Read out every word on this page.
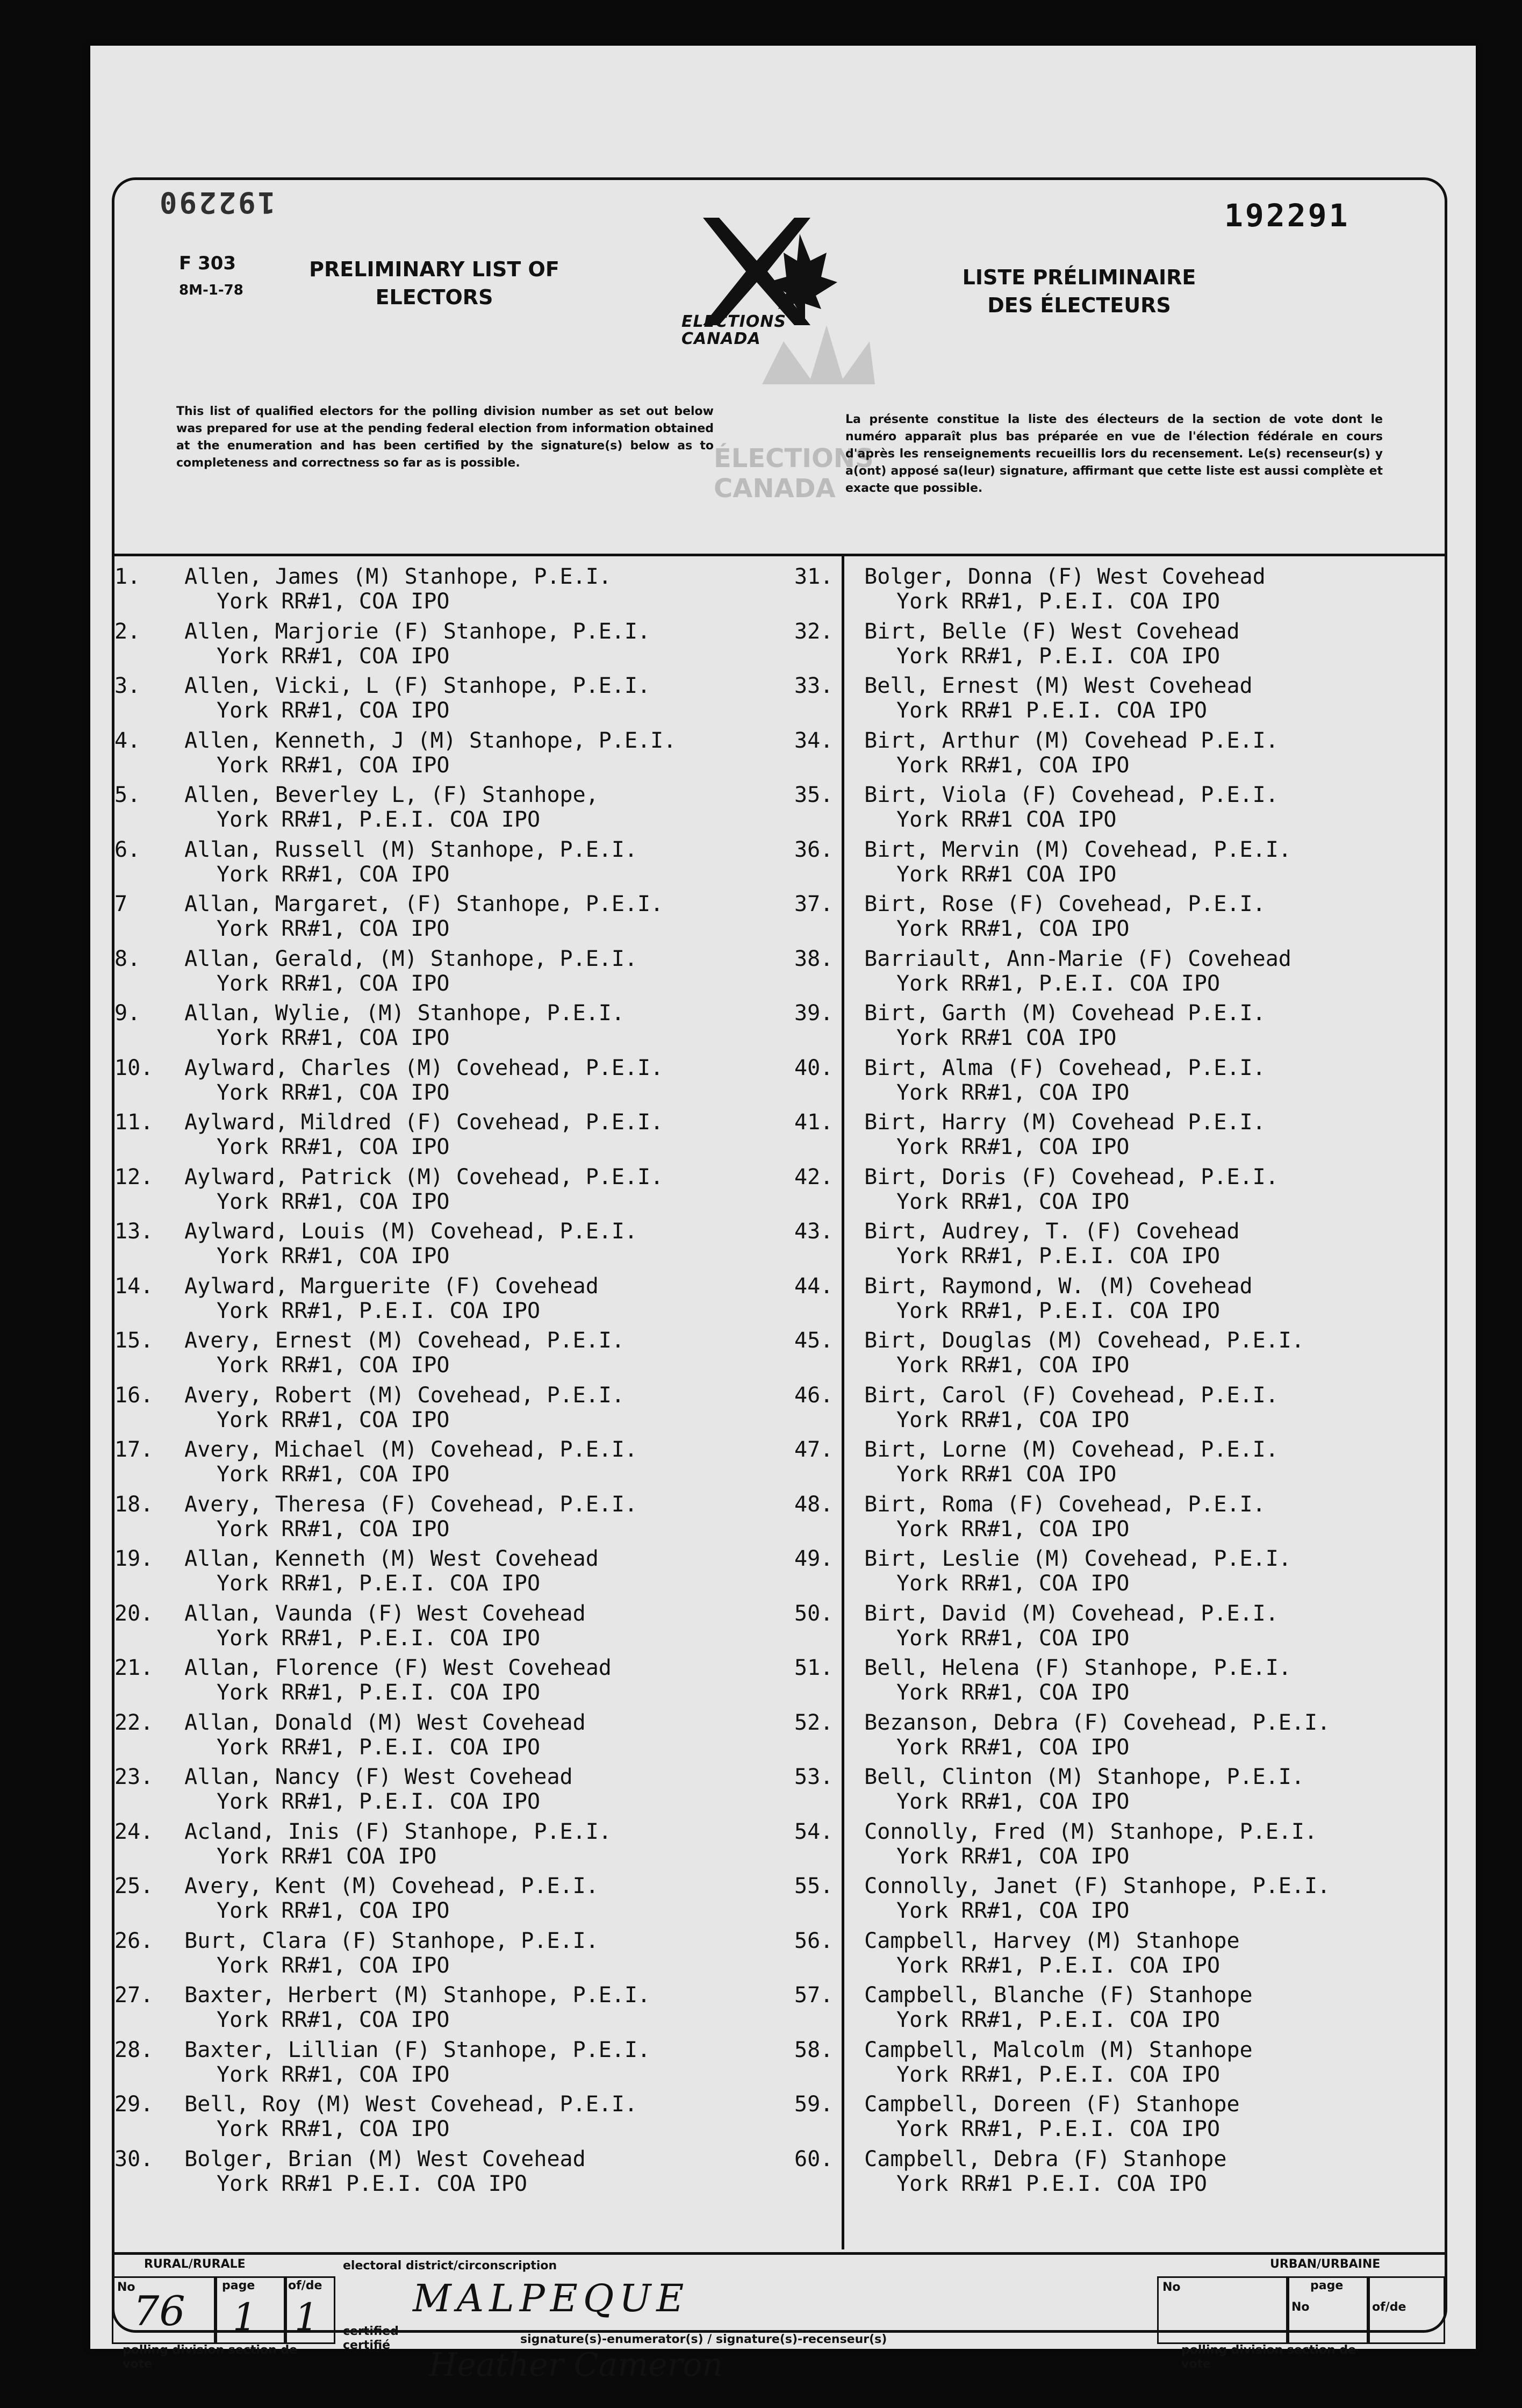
192290	192291
F 303
8M-1-78
PRELIMINARY LIST OF ELECTORS
LISTE PRÉLIMINAIRE DES ÉLECTEURS
ELECTIONS CANADA
ÉLECTIONS CANADA
This list of qualified electors for the polling division number as set out below was prepared for use at the pending federal election from information obtained at the enumeration and has been certified by the signature(s) below as to completeness and correctness so far as is possible.
La présente constitue la liste des électeurs de la section de vote dont le numéro apparaît plus bas préparée en vue de l'élection fédérale en cours d'après les renseignements recueillis lors du recensement. Le(s) recenseur(s) y a(ont) apposé sa(leur) signature, affirmant que cette liste est aussi complète et exacte que possible.
1. Allen, James (M) Stanhope, P.E.I.
York RR#1, COA IPO
2. Allen, Marjorie (F) Stanhope, P.E.I.
York RR#1, COA IPO
3. Allen, Vicki, L (F) Stanhope, P.E.I.
York RR#1, COA IPO
4. Allen, Kenneth, J (M) Stanhope, P.E.I.
York RR#1, COA IPO
5. Allen, Beverley L, (F) Stanhope,
York RR#1, P.E.I. COA IPO
6. Allan, Russell (M) Stanhope, P.E.I.
York RR#1, COA IPO
7	Allan, Margaret, (F) Stanhope, P.E.I.
York RR#1, COA IPO
8. Allan, Gerald, (M) Stanhope, P.E.I.
York RR#1, COA IPO
9. Allan, Wylie, (M) Stanhope, P.E.I.
York RR#1, COA IPO
10. Aylward, Charles (M) Covehead, P.E.I.
York RR#1, COA IPO
11. Aylward, Mildred (F) Covehead, P.E.I.
York RR#1, COA IPO
12. Aylward, Patrick (M) Covehead, P.E.I.
York RR#1, COA IPO
13. Aylward, Louis (M) Covehead, P.E.I.
York RR#1, COA IPO
14. Aylward, Marguerite (F) Covehead
York RR#1, P.E.I. COA IPO
15. Avery, Ernest (M) Covehead, P.E.I.
York RR#1, COA IPO
16. Avery, Robert (M) Covehead, P.E.I.
York RR#1, COA IPO
17. Avery, Michael (M) Covehead, P.E.I.
York RR#1, COA IPO
18. Avery, Theresa (F) Covehead, P.E.I.
York RR#1, COA IPO
19. Allan, Kenneth (M) West Covehead
York RR#1, P.E.I. COA IPO
20. Allan, Vaunda (F) West Covehead
York RR#1, P.E.I. COA IPO
21. Allan, Florence (F) West Covehead
York RR#1, P.E.I. COA IPO
22. Allan, Donald (M) West Covehead
York RR#1, P.E.I. COA IPO
23. Allan, Nancy (F) West Covehead
York RR#1, P.E.I. COA IPO
24. Acland, Inis (F) Stanhope, P.E.I.
York RR#1 COA IPO
25. Avery, Kent (M) Covehead, P.E.I.
York RR#1, COA IPO
26. Burt, Clara (F) Stanhope, P.E.I.
York RR#1, COA IPO
27. Baxter, Herbert (M) Stanhope, P.E.I.
York RR#1, COA IPO
28. Baxter, Lillian (F) Stanhope, P.E.I.
York RR#1, COA IPO
29. Bell, Roy (M) West Covehead, P.E.I.
York RR#1, COA IPO
30. Bolger, Brian (M) West Covehead
York RR#1 P.E.I. COA IPO
31. Bolger, Donna (F) West Covehead
York RR#1, P.E.I. COA IPO
32. Birt, Belle (F) West Covehead
York RR#1, P.E.I. COA IPO
33. Bell, Ernest (M) West Covehead
York RR#1 P.E.I. COA IPO
34. Birt, Arthur (M) Covehead P.E.I.
York RR#1, COA IPO
35. Birt, Viola (F) Covehead, P.E.I.
York RR#1 COA IPO
36. Birt, Mervin (M) Covehead, P.E.I.
York RR#1 COA IPO
37. Birt, Rose (F) Covehead, P.E.I.
York RR#1, COA IPO
38. Barriault, Ann-Marie (F) Covehead
York RR#1, P.E.I. COA IPO
39. Birt, Garth (M) Covehead P.E.I.
York RR#1 COA IPO
40. Birt, Alma (F) Covehead, P.E.I.
York RR#1, COA IPO
41. Birt, Harry (M) Covehead P.E.I.
York RR#1, COA IPO
42. Birt, Doris (F) Covehead, P.E.I.
York RR#1, COA IPO
43. Birt, Audrey, T. (F) Covehead
York RR#1, P.E.I. COA IPO
44. Birt, Raymond, W. (M) Covehead
York RR#1, P.E.I. COA IPO
45. Birt, Douglas (M) Covehead, P.E.I.
York RR#1, COA IPO
46. Birt, Carol (F) Covehead, P.E.I.
York RR#1, COA IPO
47. Birt, Lorne (M) Covehead, P.E.I.
York RR#1 COA IPO
48. Birt, Roma (F) Covehead, P.E.I.
York RR#1, COA IPO
49. Birt, Leslie (M) Covehead, P.E.I.
York RR#1, COA IPO
50. Birt, David (M) Covehead, P.E.I.
York RR#1, COA IPO
51. Bell, Helena (F) Stanhope, P.E.I.
York RR#1, COA IPO
52. Bezanson, Debra (F) Covehead, P.E.I.
York RR#1, COA IPO
53. Bell, Clinton (M) Stanhope, P.E.I.
York RR#1, COA IPO
54. Connolly, Fred (M) Stanhope, P.E.I.
York RR#1, COA IPO
55. Connolly, Janet (F) Stanhope, P.E.I.
York RR#1, COA IPO
56. Campbell, Harvey (M) Stanhope
York RR#1, P.E.I. COA IPO
57. Campbell, Blanche (F) Stanhope
York RR#1, P.E.I. COA IPO
58. Campbell, Malcolm (M) Stanhope
York RR#1, P.E.I. COA IPO
59. Campbell, Doreen (F) Stanhope
York RR#1, P.E.I. COA IPO
60. Campbell, Debra (F) Stanhope
York RR#1 P.E.I. COA IPO
RURAL/RURALE
No
76
page
1
of/de
1
polling division section de vote
electoral district/circonscription
MALPEQUE
signature(s)-enumerator(s) / signature(s)-recenseur(s)
certified certifié
Heather Cameron
URBAN/URBAINE
No	page
No	of/de
polling division section de vote
